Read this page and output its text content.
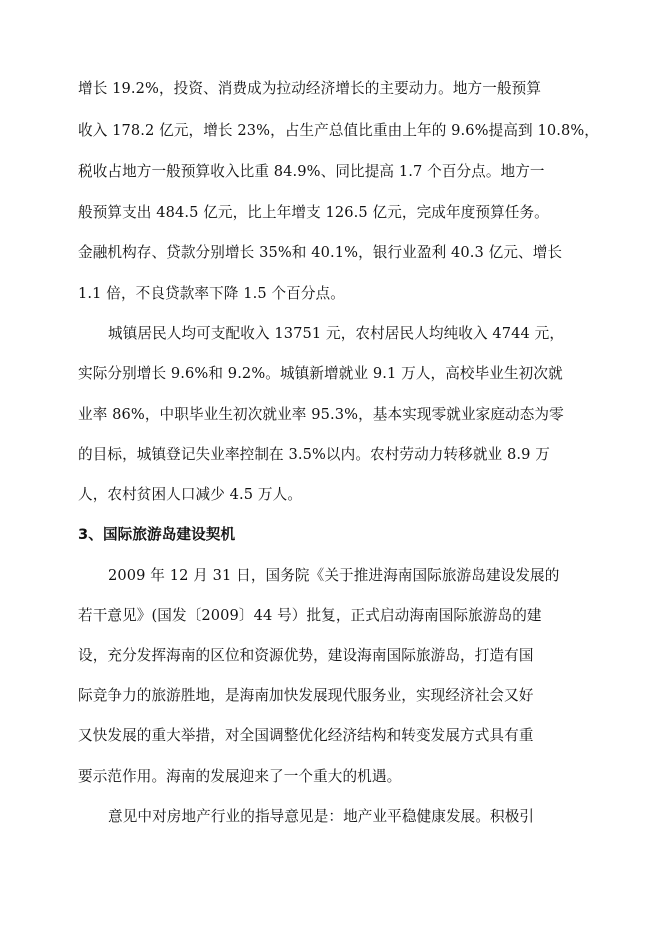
增长 19.2%，投资、消费成为拉动经济增长的主要动力。地方一般预算
收入 178.2 亿元，增长 23%，占生产总值比重由上年的 9.6%提高到 10.8%，
税收占地方一般预算收入比重 84.9%、同比提高 1.7 个百分点。地方一
般预算支出 484.5 亿元，比上年增支 126.5 亿元，完成年度预算任务。
金融机构存、贷款分别增长 35%和 40.1%，银行业盈利 40.3 亿元、增长
1.1 倍，不良贷款率下降 1.5 个百分点。
城镇居民人均可支配收入 13751 元，农村居民人均纯收入 4744 元，
实际分别增长 9.6%和 9.2%。城镇新增就业 9.1 万人，高校毕业生初次就
业率 86%，中职毕业生初次就业率 95.3%，基本实现零就业家庭动态为零
的目标，城镇登记失业率控制在 3.5%以内。农村劳动力转移就业 8.9 万
人，农村贫困人口减少 4.5 万人。
3、国际旅游岛建设契机
2009 年 12 月 31 日，国务院《关于推进海南国际旅游岛建设发展的
若干意见》(国发〔2009〕44 号）批复，正式启动海南国际旅游岛的建
设，充分发挥海南的区位和资源优势，建设海南国际旅游岛，打造有国
际竞争力的旅游胜地，是海南加快发展现代服务业，实现经济社会又好
又快发展的重大举措，对全国调整优化经济结构和转变发展方式具有重
要示范作用。海南的发展迎来了一个重大的机遇。
意见中对房地产行业的指导意见是：地产业平稳健康发展。积极引
